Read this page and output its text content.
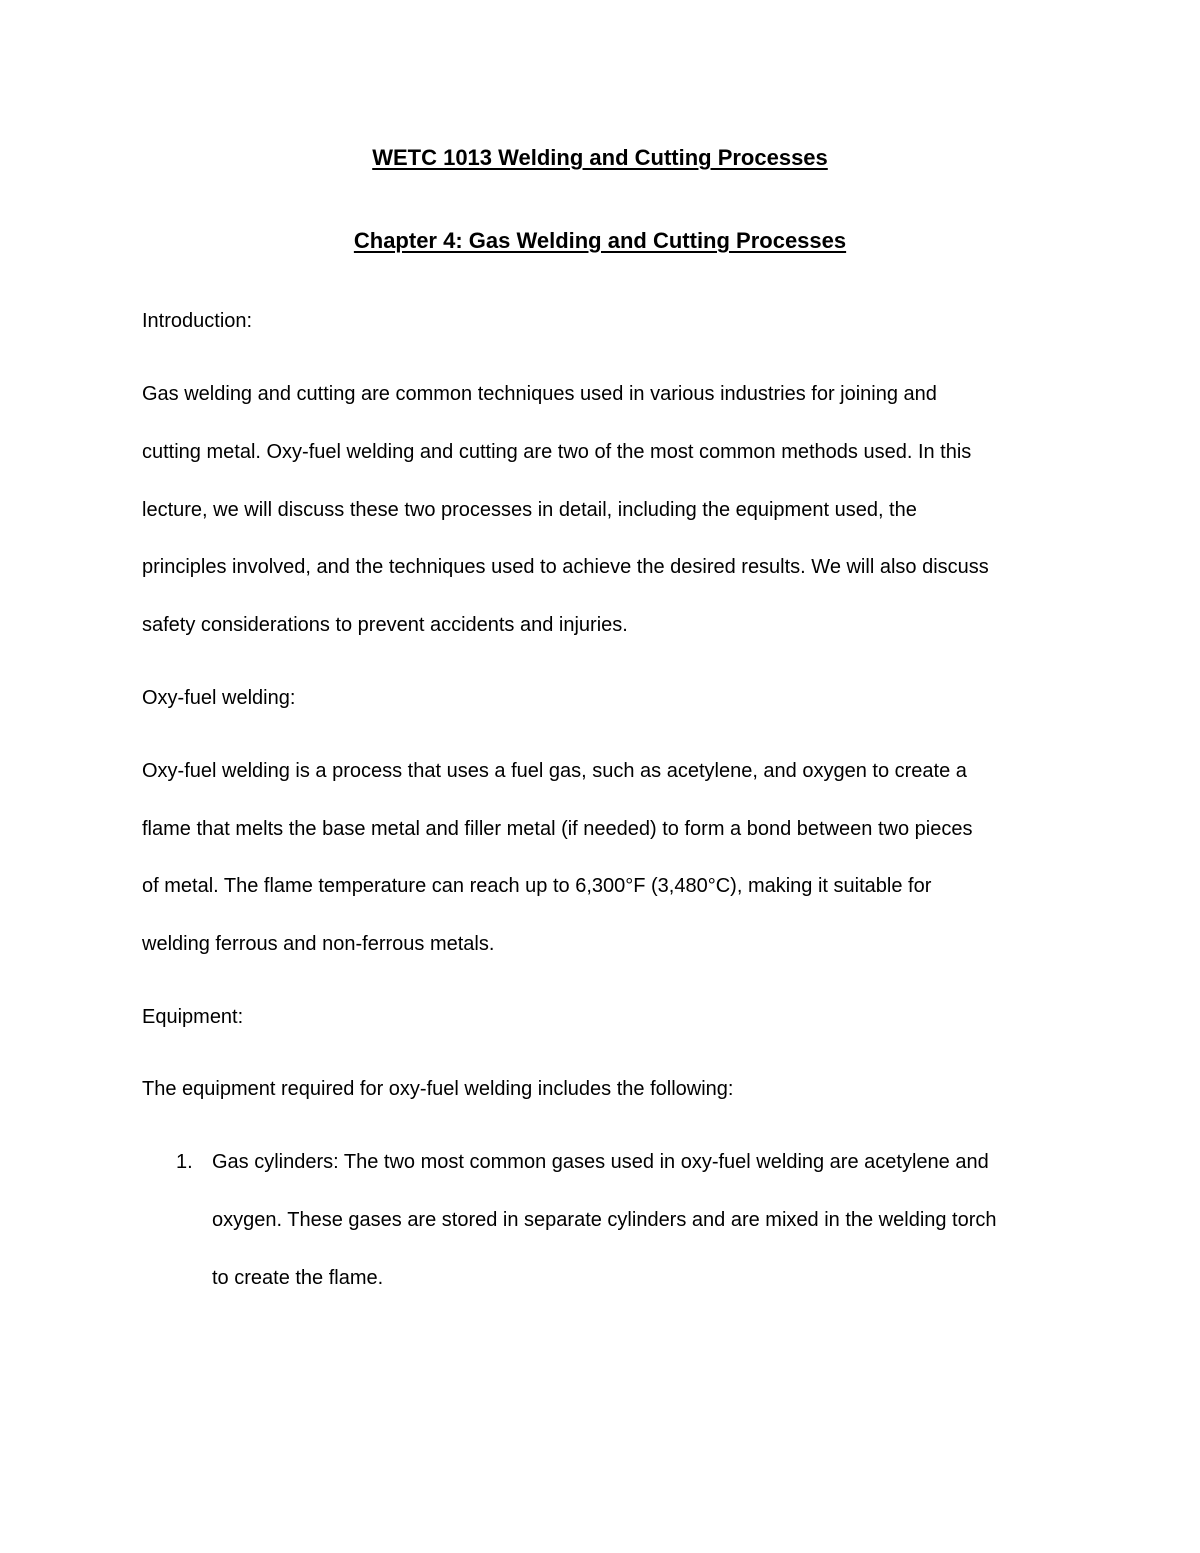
WETC 1013 Welding and Cutting Processes
Chapter 4: Gas Welding and Cutting Processes
Introduction:
Gas welding and cutting are common techniques used in various industries for joining and
cutting metal. Oxy-fuel welding and cutting are two of the most common methods used. In this
lecture, we will discuss these two processes in detail, including the equipment used, the
principles involved, and the techniques used to achieve the desired results. We will also discuss
safety considerations to prevent accidents and injuries.
Oxy-fuel welding:
Oxy-fuel welding is a process that uses a fuel gas, such as acetylene, and oxygen to create a
flame that melts the base metal and filler metal (if needed) to form a bond between two pieces
of metal. The flame temperature can reach up to 6,300°F (3,480°C), making it suitable for
welding ferrous and non-ferrous metals.
Equipment:
The equipment required for oxy-fuel welding includes the following:
1. Gas cylinders: The two most common gases used in oxy-fuel welding are acetylene and
oxygen. These gases are stored in separate cylinders and are mixed in the welding torch
to create the flame.
